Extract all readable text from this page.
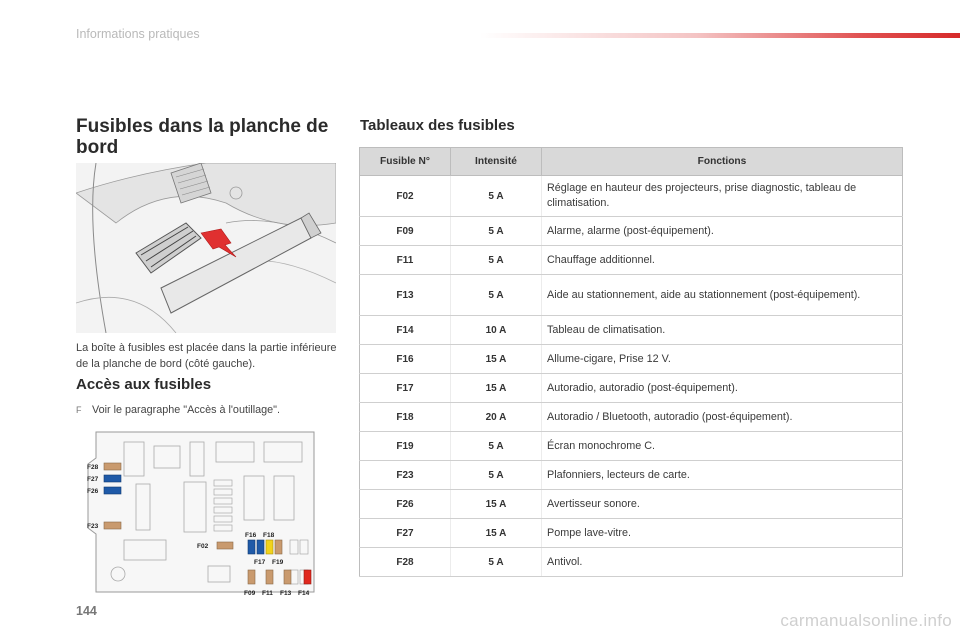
Informations pratiques
Fusibles dans la planche de bord
La boîte à fusibles est placée dans la partie inférieure de la planche de bord (côté gauche).
Accès aux fusibles
F Voir le paragraphe "Accès à l'outillage".
F28
F27
F26
F23
F02
F16 F18
F17 F19
F09 F11 F13 F14
Tableaux des fusibles
Fusible N°	Intensité	Fonctions
F02	5 A	Réglage en hauteur des projecteurs, prise diagnostic, tableau de climatisation.
F09	5 A	Alarme, alarme (post-équipement).
F11	5 A	Chauffage additionnel.
F13	5 A	Aide au stationnement, aide au stationnement (post-équipement).
F14	10 A	Tableau de climatisation.
F16	15 A	Allume-cigare, Prise 12 V.
F17	15 A	Autoradio, autoradio (post-équipement).
F18	20 A	Autoradio / Bluetooth, autoradio (post-équipement).
F19	5 A	Écran monochrome C.
F23	5 A	Plafonniers, lecteurs de carte.
F26	15 A	Avertisseur sonore.
F27	15 A	Pompe lave-vitre.
F28	5 A	Antivol.
144	carmanualsonline.info
